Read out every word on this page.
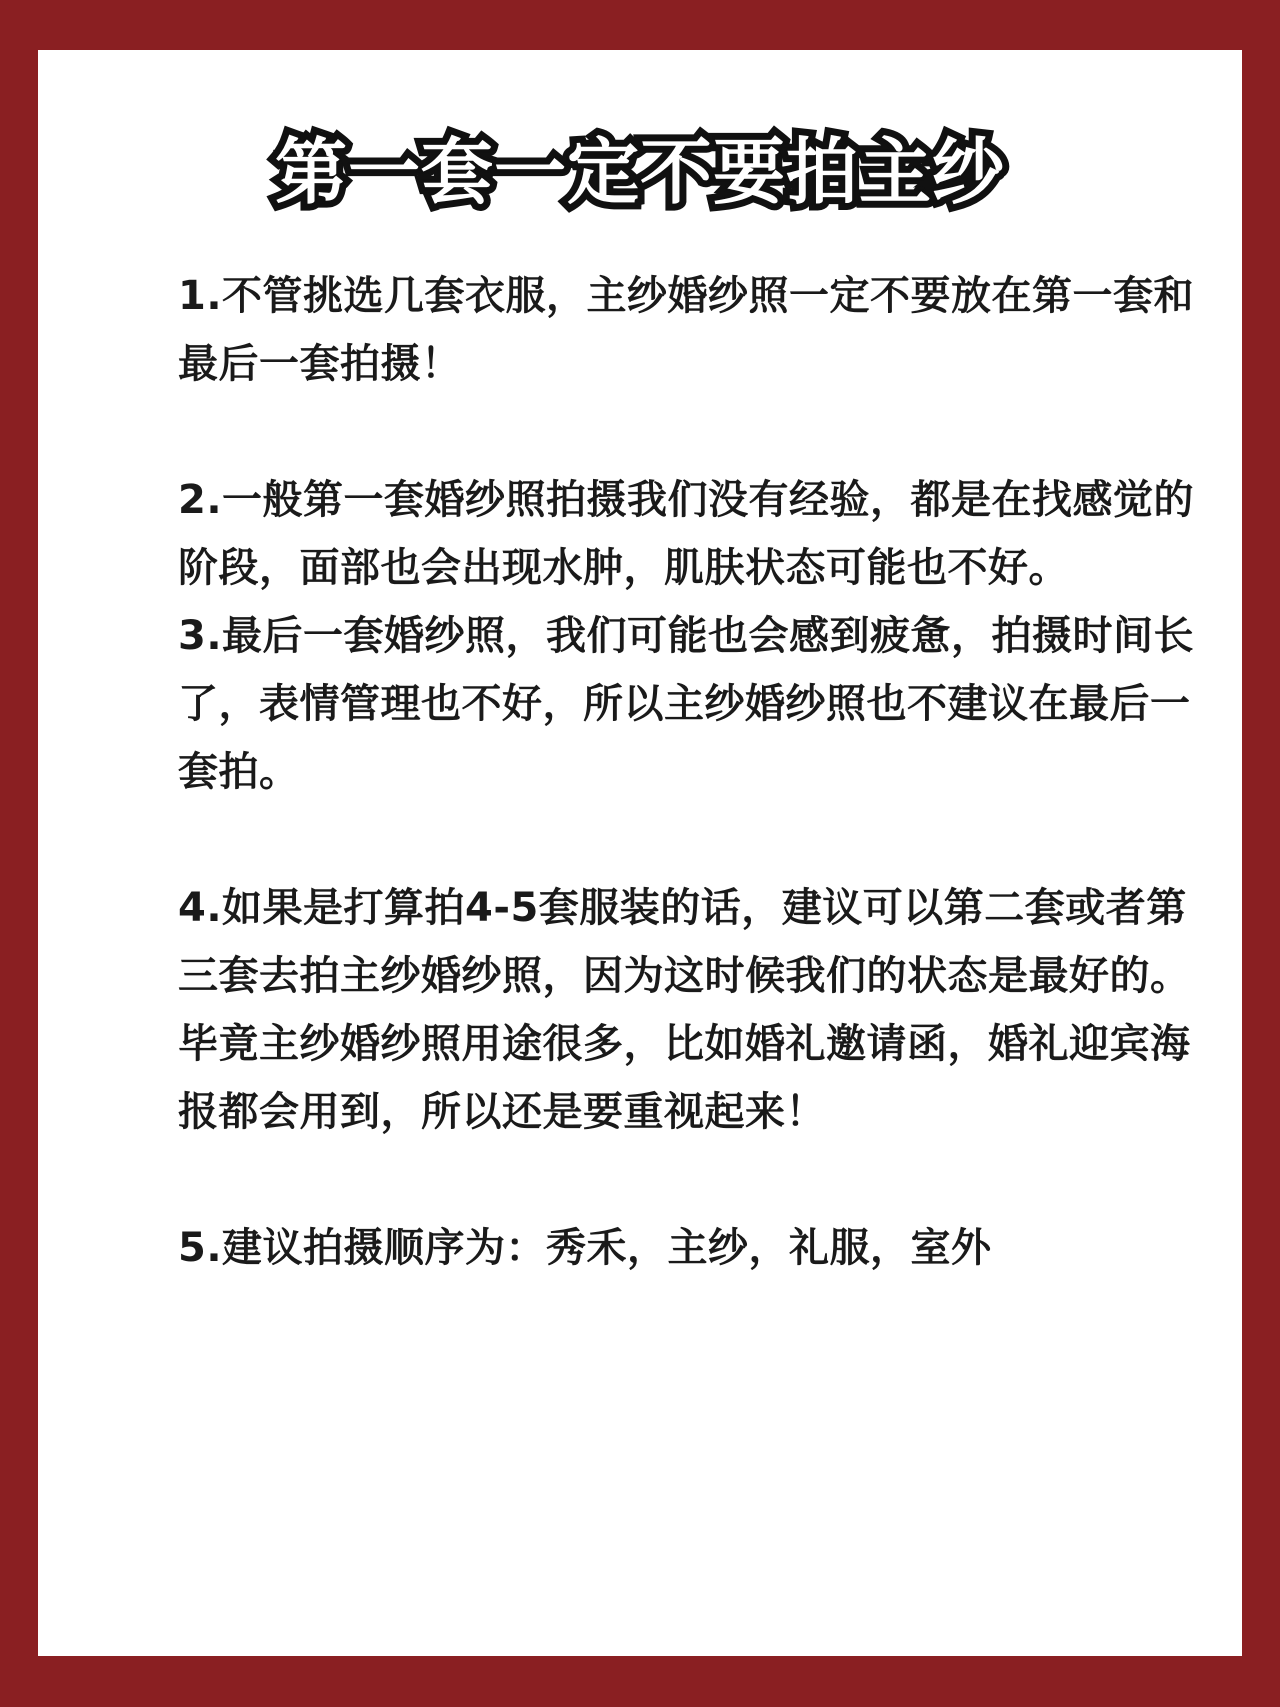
第一套一定不要拍主纱

1.不管挑选几套衣服，主纱婚纱照一定不要放在第一套和最后一套拍摄！

2.一般第一套婚纱照拍摄我们没有经验，都是在找感觉的阶段，面部也会出现水肿，肌肤状态可能也不好。

3.最后一套婚纱照，我们可能也会感到疲惫，拍摄时间长了，表情管理也不好，所以主纱婚纱照也不建议在最后一套拍。

4.如果是打算拍4-5套服装的话，建议可以第二套或者第三套去拍主纱婚纱照，因为这时候我们的状态是最好的。毕竟主纱婚纱照用途很多，比如婚礼邀请函，婚礼迎宾海报都会用到，所以还是要重视起来！

5.建议拍摄顺序为：秀禾，主纱，礼服，室外
